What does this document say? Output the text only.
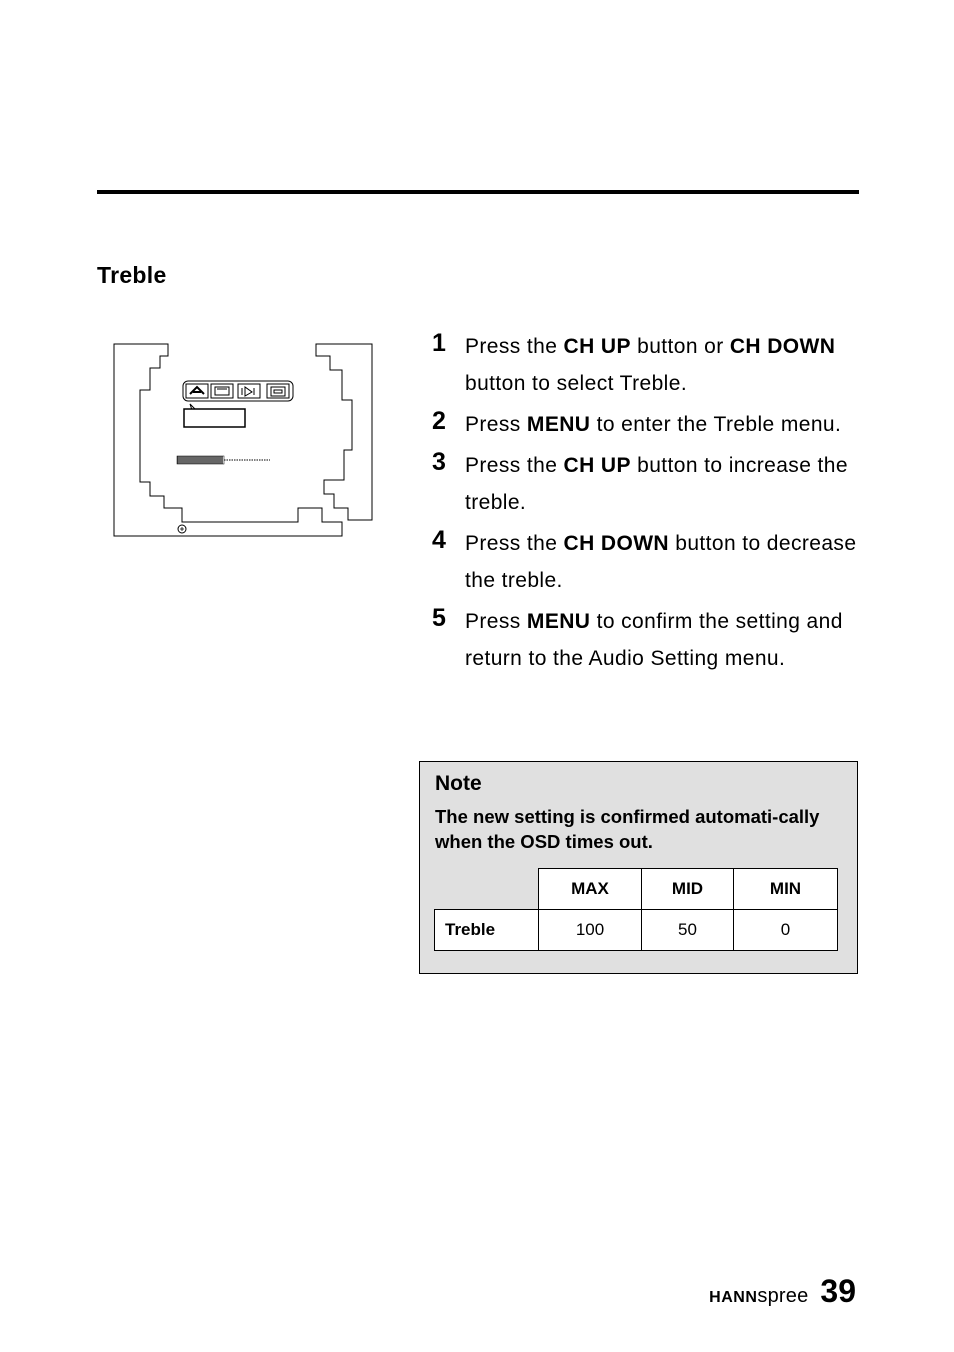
Treble
1 Press the CH UP button or CH DOWN button to select Treble.
2 Press MENU to enter the Treble menu.
3 Press the CH UP button to increase the treble.
4 Press the CH DOWN button to decrease the treble.
5 Press MENU to confirm the setting and return to the Audio Setting menu.
Note
The new setting is confirmed automati-cally when the OSD times out.
	MAX	MID	MIN
Treble	100	50	0
HANNspree 39
